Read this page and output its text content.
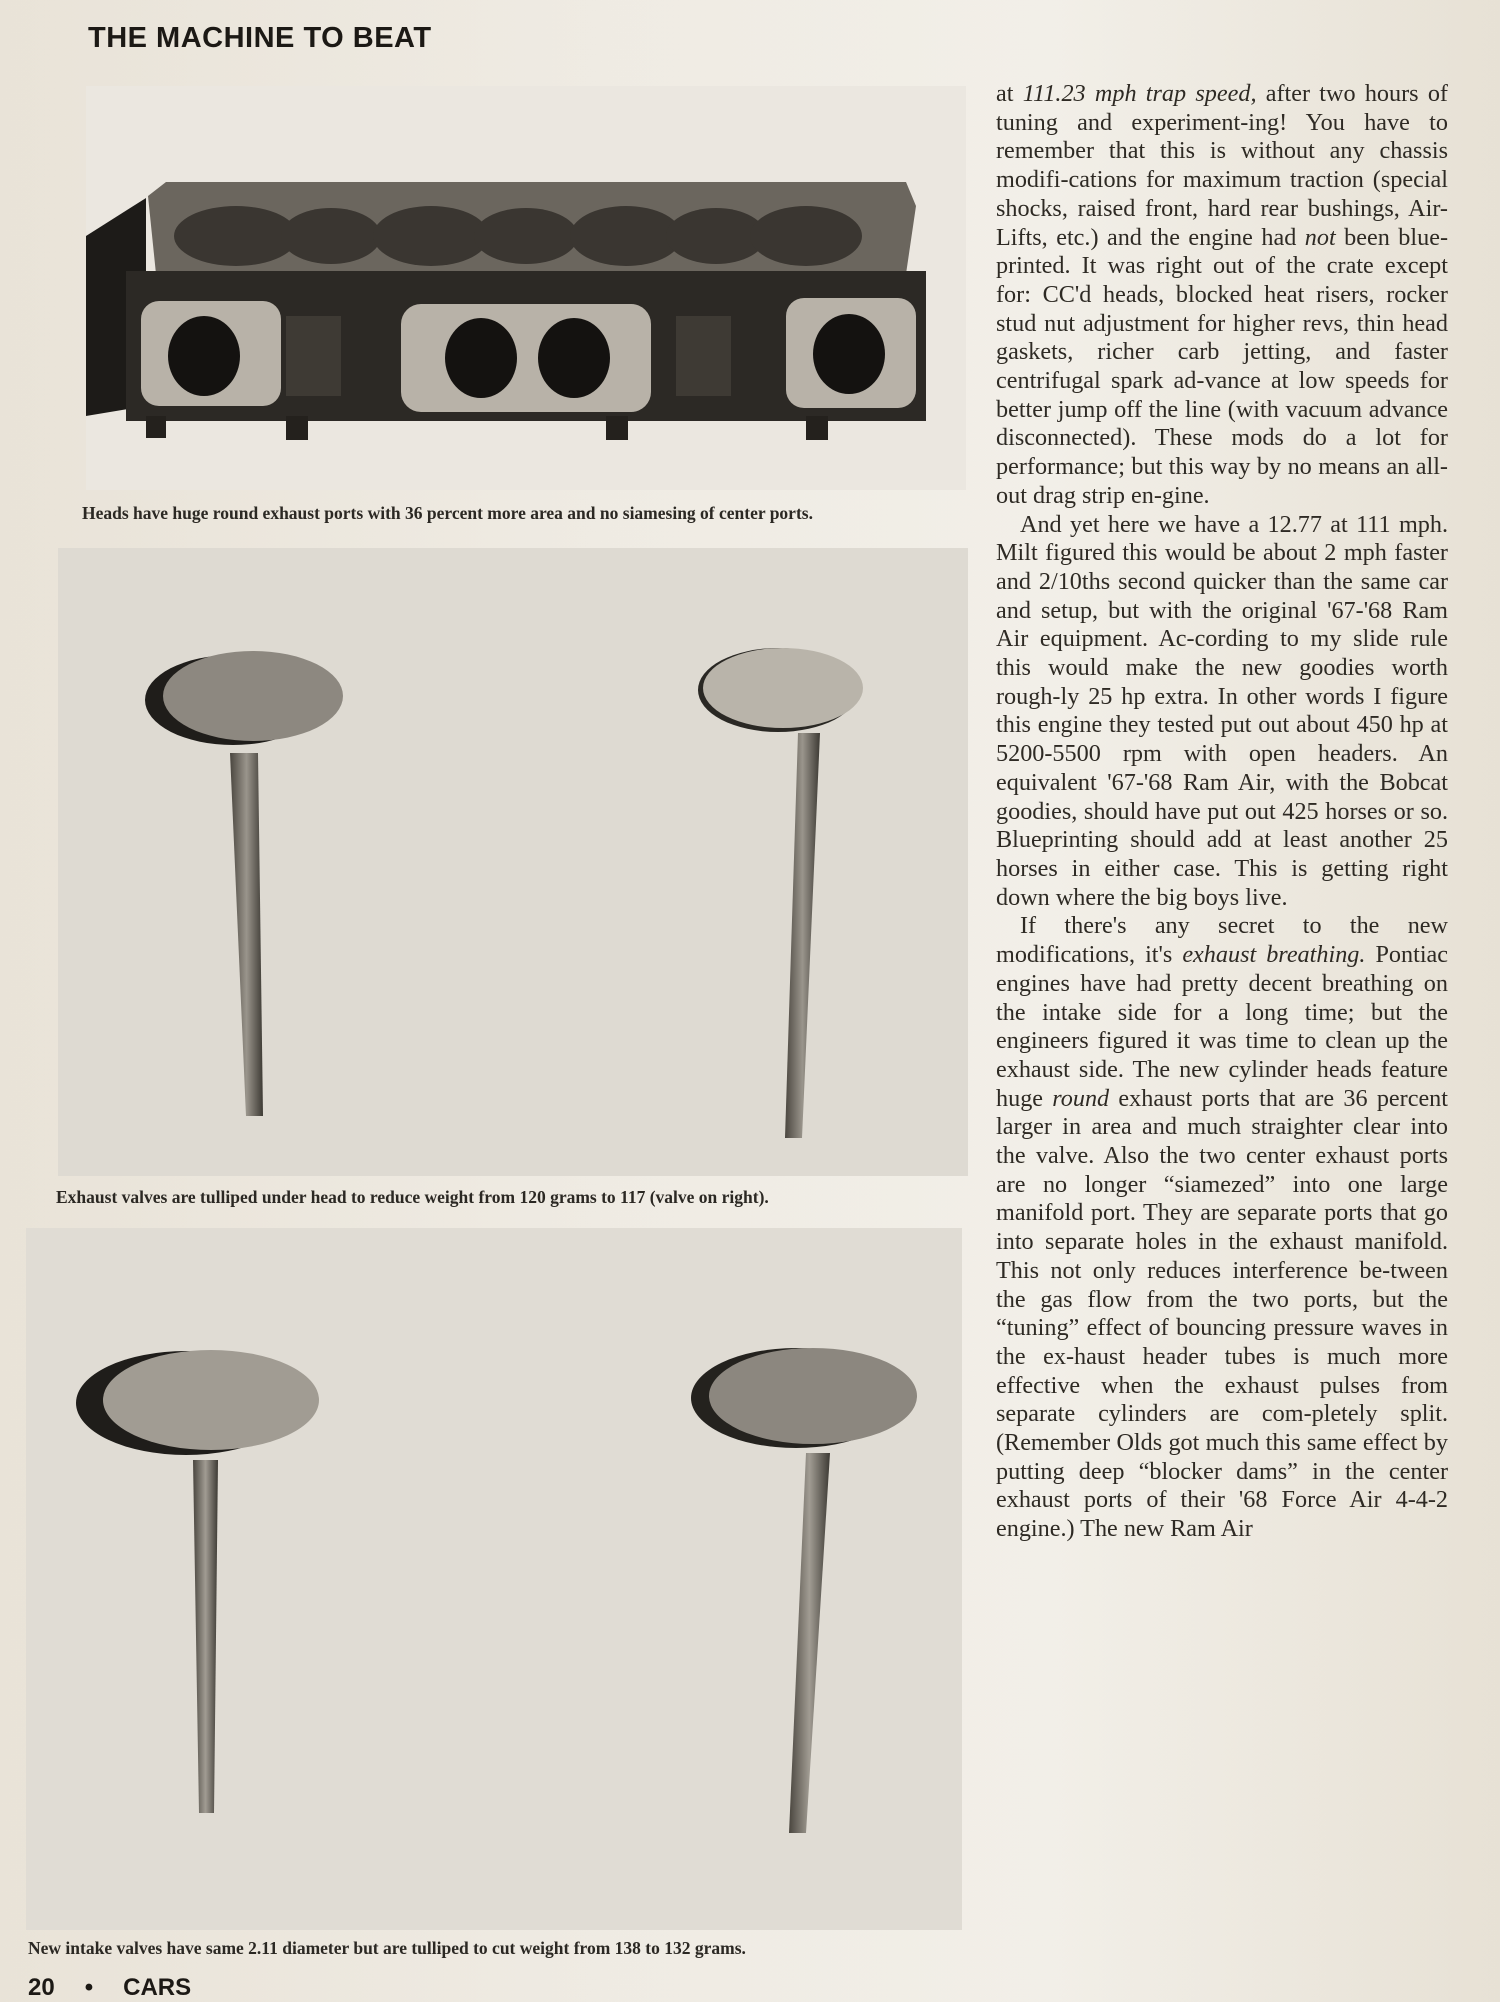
THE MACHINE TO BEAT
Heads have huge round exhaust ports with 36 percent more area and no siamesing of center ports.
Exhaust valves are tulliped under head to reduce weight from 120 grams to 117 (valve on right).
New intake valves have same 2.11 diameter but are tulliped to cut weight from 138 to 132 grams.

at 111.23 mph trap speed, after two hours of tuning and experiment-ing! You have to remember that this is without any chassis modifi-cations for maximum traction (special shocks, raised front, hard rear bushings, Air-Lifts, etc.) and the engine had not been blue-printed. It was right out of the crate except for: CC'd heads, blocked heat risers, rocker stud nut adjustment for higher revs, thin head gaskets, richer carb jetting, and faster centrifugal spark ad-vance at low speeds for better jump off the line (with vacuum advance disconnected). These mods do a lot for performance; but this way by no means an all-out drag strip en-gine.

And yet here we have a 12.77 at 111 mph. Milt figured this would be about 2 mph faster and 2/10ths second quicker than the same car and setup, but with the original '67-'68 Ram Air equipment. Ac-cording to my slide rule this would make the new goodies worth rough-ly 25 hp extra. In other words I figure this engine they tested put out about 450 hp at 5200-5500 rpm with open headers. An equivalent '67-'68 Ram Air, with the Bobcat goodies, should have put out 425 horses or so. Blueprinting should add at least another 25 horses in either case. This is getting right down where the big boys live.

If there's any secret to the new modifications, it's exhaust breathing. Pontiac engines have had pretty decent breathing on the intake side for a long time; but the engineers figured it was time to clean up the exhaust side. The new cylinder heads feature huge round exhaust ports that are 36 percent larger in area and much straighter clear into the valve. Also the two center exhaust ports are no longer “siamezed” into one large manifold port. They are separate ports that go into separate holes in the exhaust manifold. This not only reduces interference be-tween the gas flow from the two ports, but the “tuning” effect of bouncing pressure waves in the ex-haust header tubes is much more effective when the exhaust pulses from separate cylinders are com-pletely split. (Remember Olds got much this same effect by putting deep “blocker dams” in the center exhaust ports of their '68 Force Air 4-4-2 engine.) The new Ram Air

20 • CARS
